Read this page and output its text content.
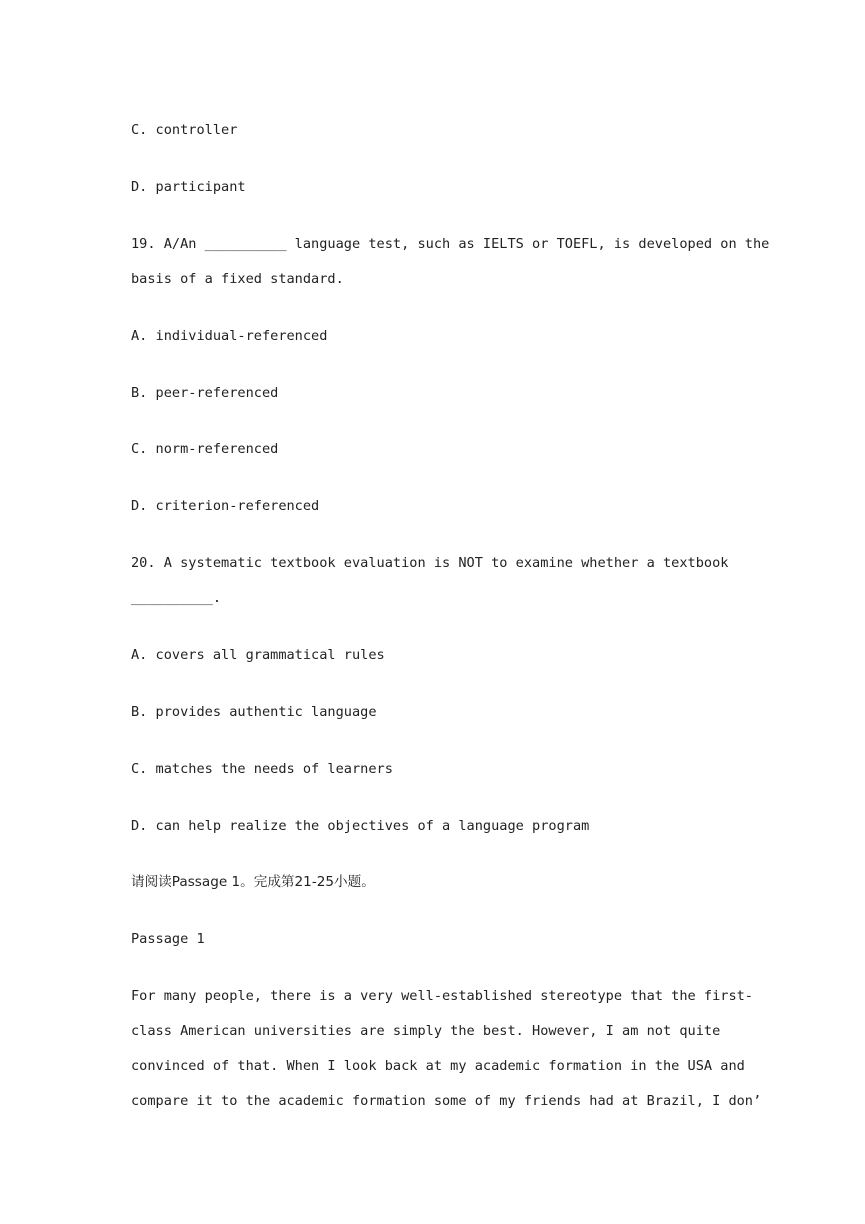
C. controller
D. participant
19. A/An __________ language test, such as IELTS or TOEFL, is developed on the
basis of a fixed standard.
A. individual-referenced
B. peer-referenced
C. norm-referenced
D. criterion-referenced
20. A systematic textbook evaluation is NOT to examine whether a textbook
__________.
A. covers all grammatical rules
B. provides authentic language
C. matches the needs of learners
D. can help realize the objectives of a language program
请阅读Passage 1。完成第21-25小题。
Passage 1
For many people, there is a very well-established stereotype that the first-
class American universities are simply the best. However, I am not quite
convinced of that. When I look back at my academic formation in the USA and
compare it to the academic formation some of my friends had at Brazil, I don’
